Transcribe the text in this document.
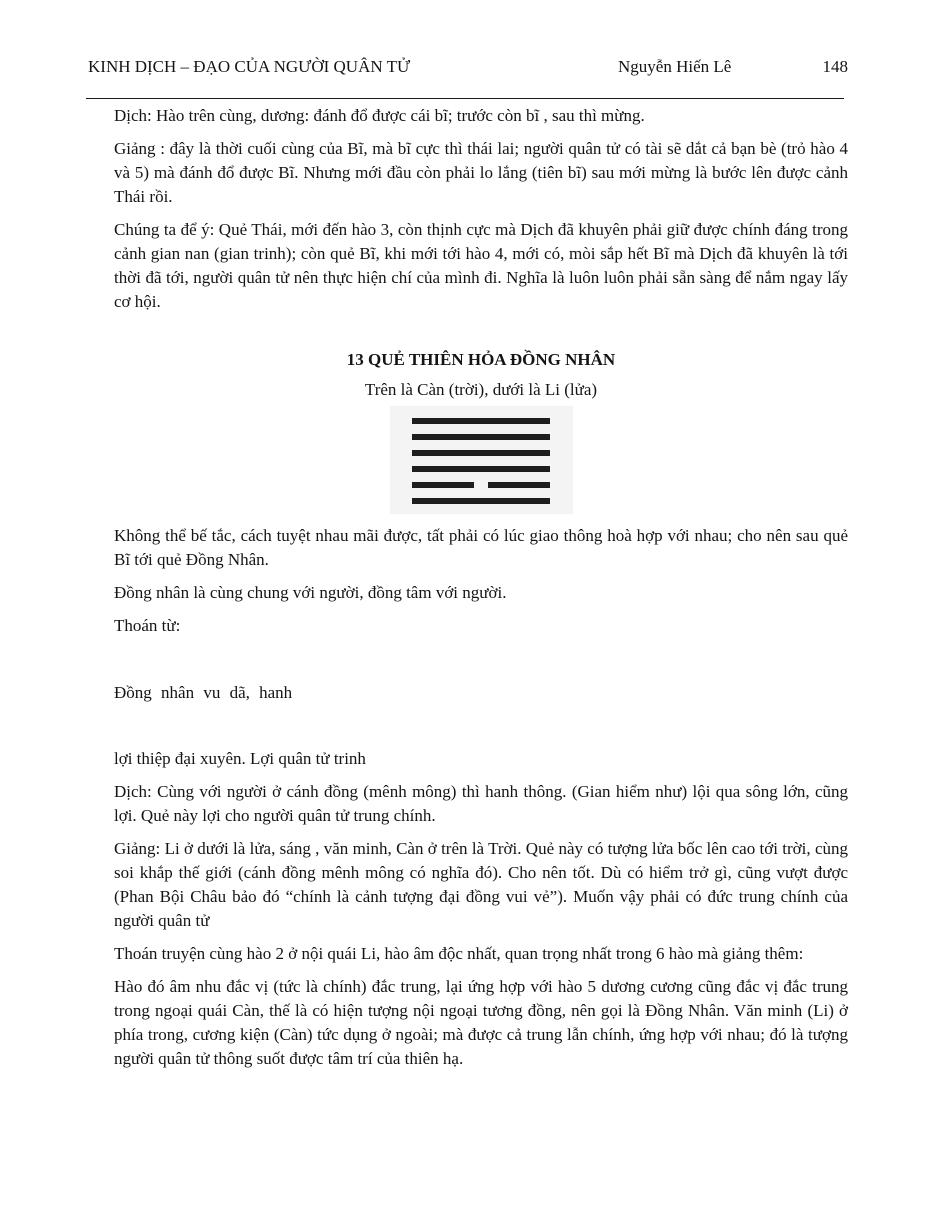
KINH DỊCH – ĐẠO CỦA NGƯỜI QUÂN TỬ	Nguyễn Hiến Lê	148

Dịch: Hào trên cùng, dương: đánh đổ được cái bĩ; trước còn bĩ , sau thì mừng.

Giảng : đây là thời cuối cùng của Bĩ, mà bĩ cực thì thái lai; người quân tử có tài sẽ dắt cả bạn bè (trỏ hào 4 và 5) mà đánh đổ được Bĩ. Nhưng mới đầu còn phải lo lắng (tiên bĩ) sau mới mừng là bước lên được cảnh Thái rồi.

Chúng ta để ý: Quẻ Thái, mới đến hào 3, còn thịnh cực mà Dịch đã khuyên phải giữ được chính đáng trong cảnh gian nan (gian trinh); còn quẻ Bĩ, khi mới tới hào 4, mới có, mòi sắp hết Bĩ mà Dịch đã khuyên là tới thời đã tới, người quân tử nên thực hiện chí của mình đi. Nghĩa là luôn luôn phải sẵn sàng để nắm ngay lấy cơ hội.

13 QUẺ THIÊN HỎA ĐỒNG NHÂN

Trên là Càn (trời), dưới là Li (lửa)

Không thể bế tắc, cách tuyệt nhau mãi được, tất phải có lúc giao thông hoà hợp với nhau; cho nên sau quẻ Bĩ tới quẻ Đồng Nhân.

Đồng nhân là cùng chung với người, đồng tâm với người.

Thoán từ:

Đồng nhân vu dã, hanh

lợi thiệp đại xuyên. Lợi quân tử trinh

Dịch: Cùng với người ở cánh đồng (mênh mông) thì hanh thông. (Gian hiểm như) lội qua sông lớn, cũng lợi. Quẻ này lợi cho người quân tử trung chính.

Giảng: Li ở dưới là lửa, sáng , văn minh, Càn ở trên là Trời. Quẻ này có tượng lửa bốc lên cao tới trời, cùng soi khắp thế giới (cánh đồng mênh mông có nghĩa đó). Cho nên tốt. Dù có hiểm trở gì, cũng vượt được (Phan Bội Châu bảo đó “chính là cảnh tượng đại đồng vui vẻ”). Muốn vậy phải có đức trung chính của người quân tử

Thoán truyện cùng hào 2 ở nội quái Li, hào âm độc nhất, quan trọng nhất trong 6 hào mà giảng thêm:

Hào đó âm nhu đắc vị (tức là chính) đắc trung, lại ứng hợp với hào 5 dương cương cũng đắc vị đắc trung trong ngoại quái Càn, thế là có hiện tượng nội ngoại tương đồng, nên gọi là Đồng Nhân. Văn minh (Li) ở phía trong, cương kiện (Càn) tức dụng ở ngoài; mà được cả trung lẫn chính, ứng hợp với nhau; đó là tượng người quân tử thông suốt được tâm trí của thiên hạ.
